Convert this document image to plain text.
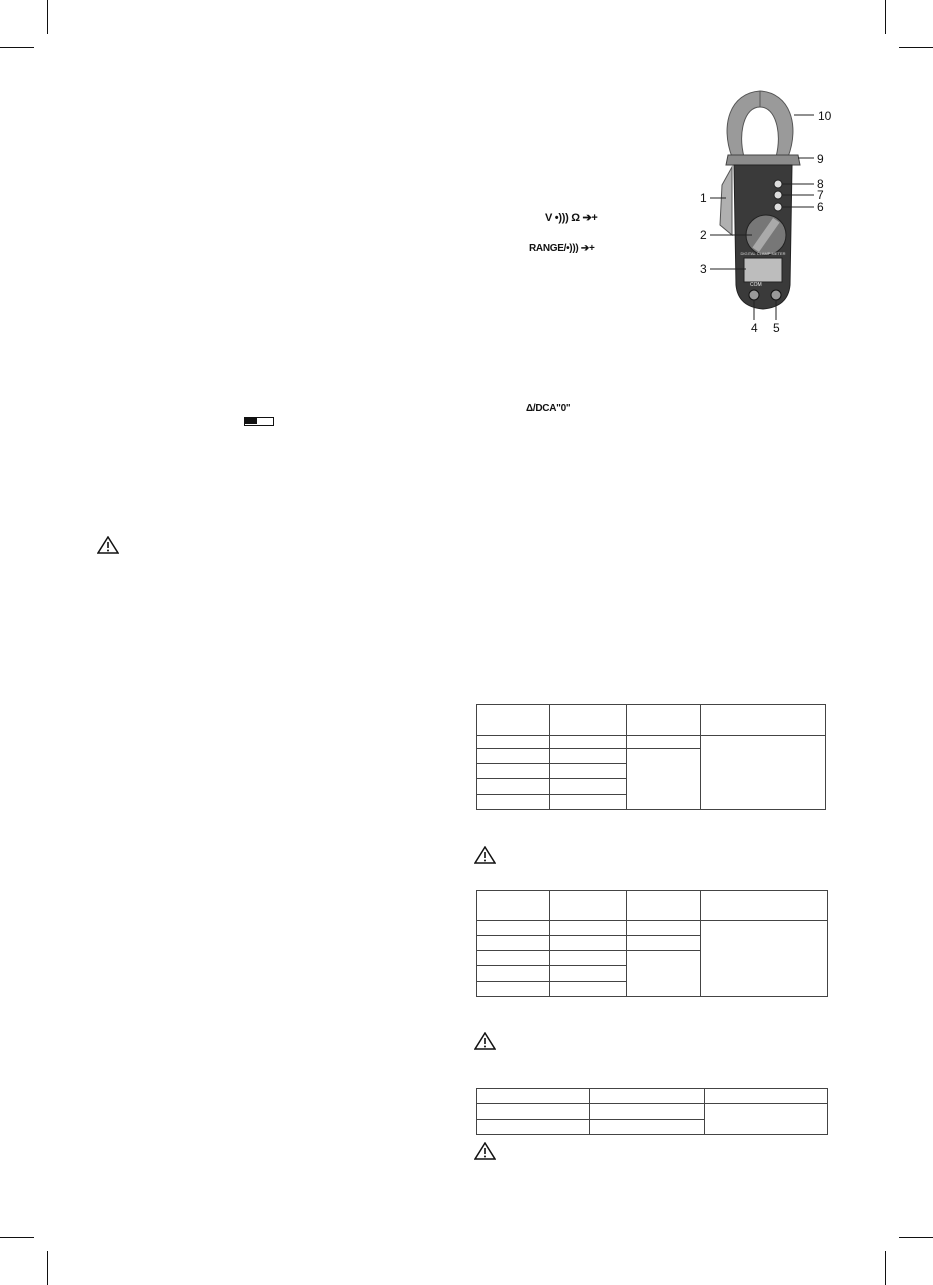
DIGITAL CLAMP METER
COM
10
9
8
7
6
1
2
3
4 5
V •))) Ω ➔+
RANGE/•))) ➔+
Δ/DCA"0"
